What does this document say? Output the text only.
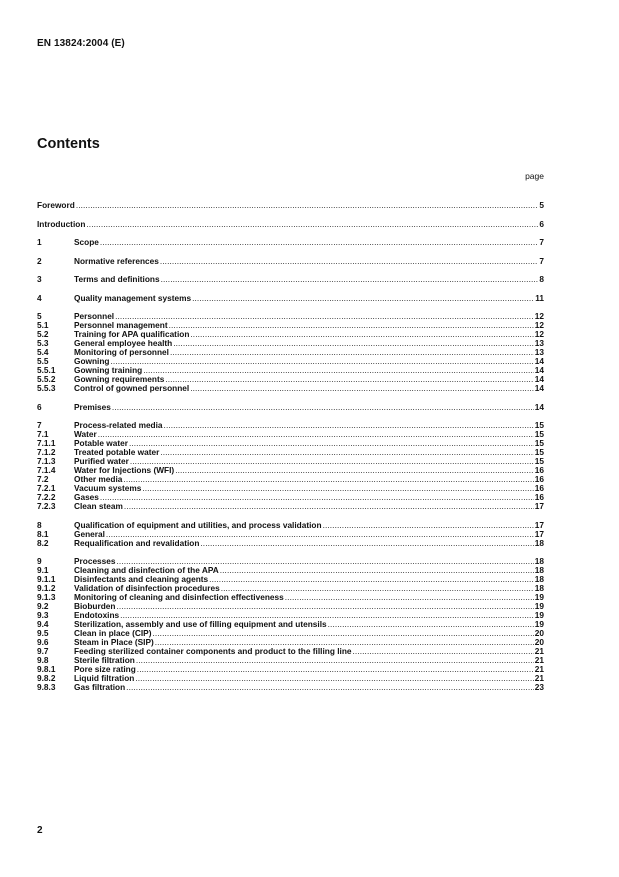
EN 13824:2004 (E)
Contents
page
Foreword .....	5
Introduction .....	6
1	Scope .....	7
2	Normative references .....	7
3	Terms and definitions .....	8
4	Quality management systems .....	11
5	Personnel .....	12
5.1	Personnel management .....	12
5.2	Training for APA qualification .....	12
5.3	General employee health .....	13
5.4	Monitoring of personnel .....	13
5.5	Gowning .....	14
5.5.1	Gowning training .....	14
5.5.2	Gowning requirements .....	14
5.5.3	Control of gowned personnel .....	14
6	Premises .....	14
7	Process-related media .....	15
7.1	Water .....	15
7.1.1	Potable water .....	15
7.1.2	Treated potable water .....	15
7.1.3	Purified water .....	15
7.1.4	Water for Injections (WFI) .....	16
7.2	Other media .....	16
7.2.1	Vacuum systems .....	16
7.2.2	Gases .....	16
7.2.3	Clean steam .....	17
8	Qualification of equipment and utilities, and process validation .....	17
8.1	General .....	17
8.2	Requalification and revalidation .....	18
9	Processes .....	18
9.1	Cleaning and disinfection of the APA .....	18
9.1.1	Disinfectants and cleaning agents .....	18
9.1.2	Validation of disinfection procedures .....	18
9.1.3	Monitoring of cleaning and disinfection effectiveness .....	19
9.2	Bioburden .....	19
9.3	Endotoxins .....	19
9.4	Sterilization, assembly and use of filling equipment and utensils .....	19
9.5	Clean in place (CIP) .....	20
9.6	Steam in Place (SIP) .....	20
9.7	Feeding sterilized container components and product to the filling line .....	21
9.8	Sterile filtration .....	21
9.8.1	Pore size rating .....	21
9.8.2	Liquid filtration .....	21
9.8.3	Gas filtration .....	23
2
